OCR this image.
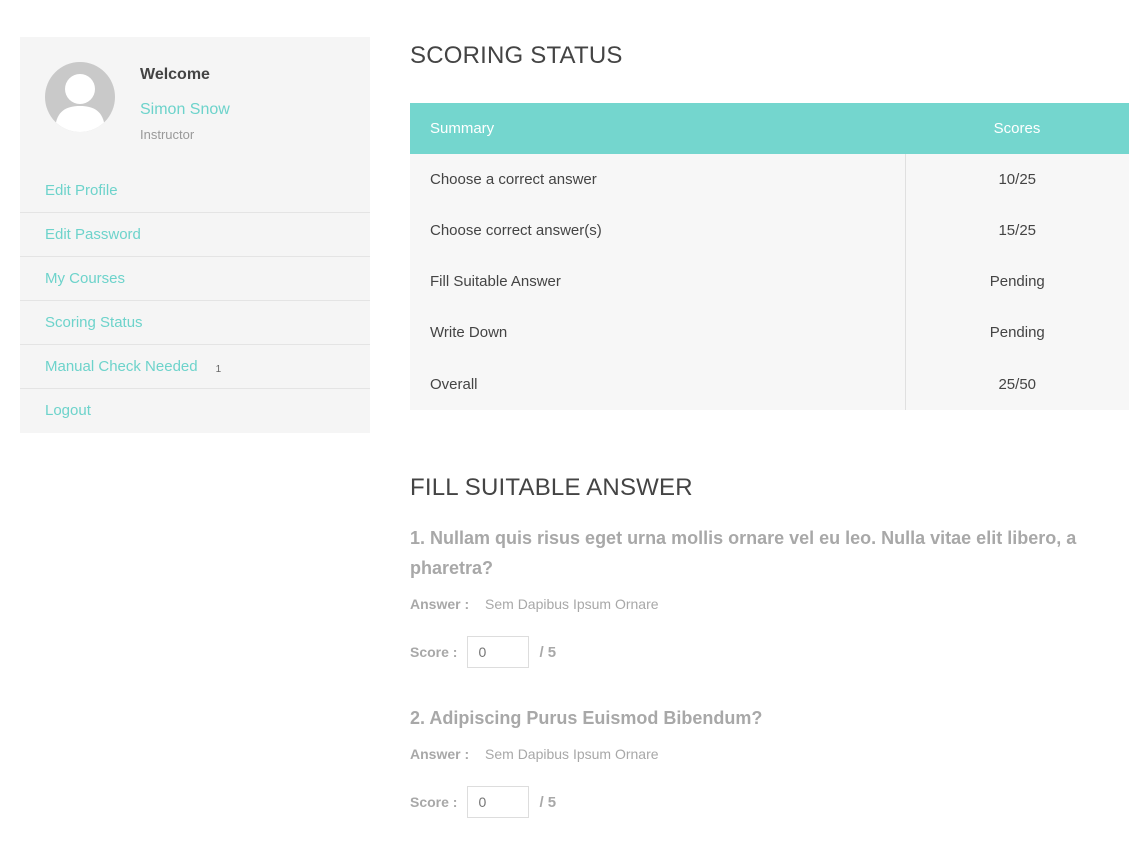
Welcome
Simon Snow
Instructor
Edit Profile
Edit Password
My Courses
Scoring Status
Manual Check Needed 1
Logout
SCORING STATUS
Summary	Scores
Choose a correct answer	10/25
Choose correct answer(s)	15/25
Fill Suitable Answer	Pending
Write Down	Pending
Overall	25/50
FILL SUITABLE ANSWER
1. Nullam quis risus eget urna mollis ornare vel eu leo. Nulla vitae elit libero, a pharetra?
Answer : Sem Dapibus Ipsum Ornare
Score :
0	/ 5
2. Adipiscing Purus Euismod Bibendum?
Answer : Sem Dapibus Ipsum Ornare
Score :
0	/ 5
